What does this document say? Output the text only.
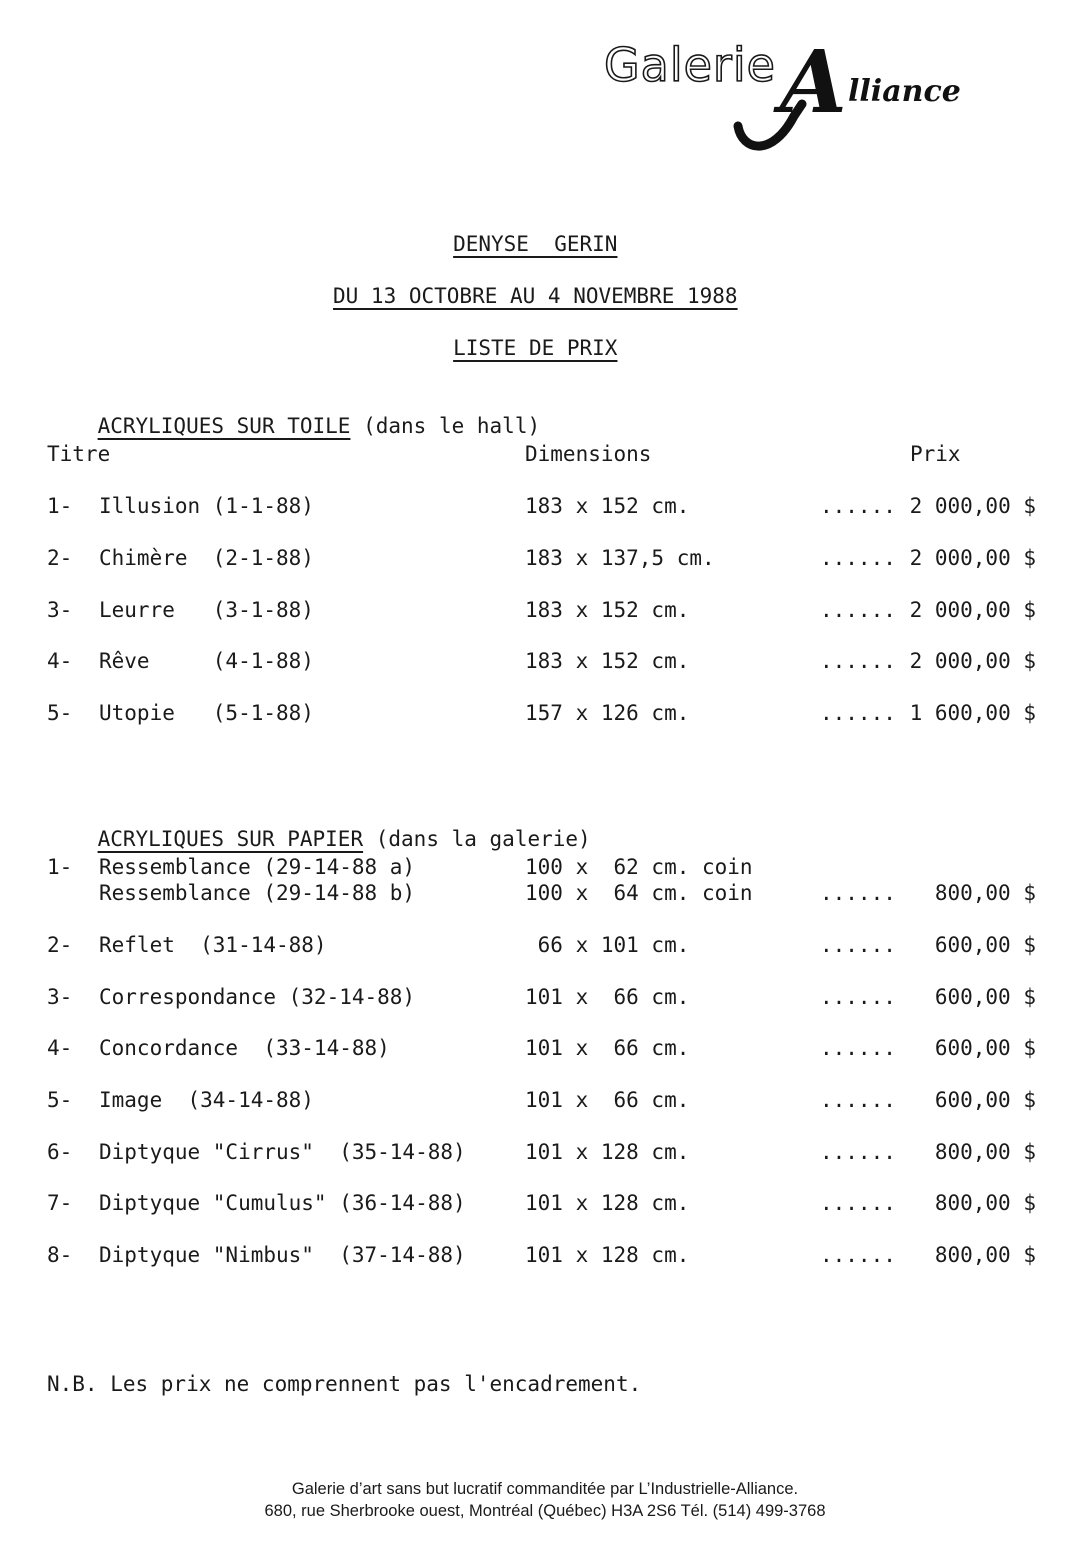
Galerie A lliance

DENYSE  GERIN

DU 13 OCTOBRE AU 4 NOVEMBRE 1988

LISTE DE PRIX

ACRYLIQUES SUR TOILE (dans le hall)

Titre	Dimensions	Prix
1- Illusion (1-1-88)	183 x 152 cm.	...... 2 000,00 $
2- Chimère  (2-1-88)	183 x 137,5 cm.	...... 2 000,00 $
3- Leurre   (3-1-88)	183 x 152 cm.	...... 2 000,00 $
4- Rêve     (4-1-88)	183 x 152 cm.	...... 2 000,00 $
5- Utopie   (5-1-88)	157 x 126 cm.	...... 1 600,00 $

ACRYLIQUES SUR PAPIER (dans la galerie)

1- Ressemblance (29-14-88 a)	100 x  62 cm. coin
Ressemblance (29-14-88 b)	100 x  64 cm. coin	...... 800,00 $
2- Reflet  (31-14-88)	66 x 101 cm.	...... 600,00 $
3- Correspondance (32-14-88)	101 x  66 cm.	...... 600,00 $
4- Concordance  (33-14-88)	101 x  66 cm.	...... 600,00 $
5- Image  (34-14-88)	101 x  66 cm.	...... 600,00 $
6- Diptyque "Cirrus"  (35-14-88)	101 x 128 cm.	...... 800,00 $
7- Diptyque "Cumulus" (36-14-88)	101 x 128 cm.	...... 800,00 $
8- Diptyque "Nimbus"  (37-14-88)	101 x 128 cm.	...... 800,00 $
N.B. Les prix ne comprennent pas l'encadrement.
Galerie d’art sans but lucratif commanditée par L’Industrielle-Alliance.
680, rue Sherbrooke ouest, Montréal (Québec) H3A 2S6 Tél. (514) 499-3768
